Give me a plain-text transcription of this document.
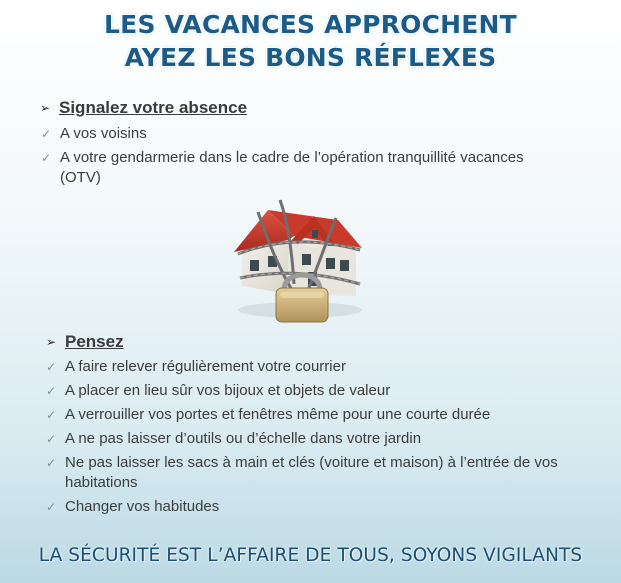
LES VACANCES APPROCHENT
AYEZ LES BONS RÉFLEXES
➢ Signalez votre absence
✓ A vos voisins
✓ A votre gendarmerie dans le cadre de l’opération tranquillité vacances (OTV)
➢ Pensez
✓ A faire relever régulièrement votre courrier
✓ A placer en lieu sûr vos bijoux et objets de valeur
✓ A verrouiller vos portes et fenêtres même pour une courte durée
✓ A ne pas laisser d’outils ou d’échelle dans votre jardin
✓ Ne pas laisser les sacs à main et clés (voiture et maison) à l’entrée de vos habitations
✓ Changer vos habitudes
LA SÉCURITÉ EST L’AFFAIRE DE TOUS, SOYONS VIGILANTS
